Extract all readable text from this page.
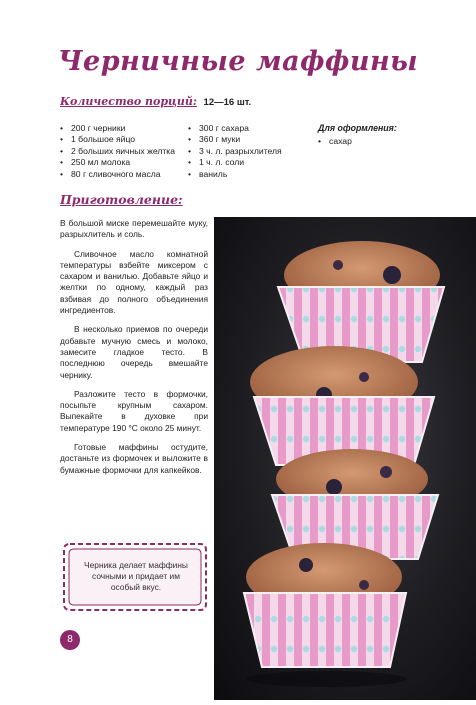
Черничные маффины
Количество порций: 12—16 шт.
• 200 г черники
• 1 большое яйцо
• 2 больших яичных желтка
• 250 мл молока
• 80 г сливочного масла
• 300 г сахара
• 360 г муки
• 3 ч. л. разрыхлителя
• 1 ч. л. соли
• ваниль
Для оформления:
• сахар
Приготовление:

В большой миске перемешайте муку, разрыхлитель и соль.

Сливочное масло комнатной температуры взбейте миксером с сахаром и ванилью. Добавьте яйцо и желтки по одному, каждый раз взбивая до полного объединения ингредиентов.

В несколько приемов по очереди добавьте мучную смесь и молоко, замесите гладкое тесто. В последнюю очередь вмешайте чернику.

Разложите тесто в формочки, посыпьте крупным сахаром. Выпекайте в духовке при температуре 190 °С около 25 минут.

Готовые маффины остудите, достаньте из формочек и выложите в бумажные формочки для капкейков.

Черника делает маффины сочными и придает им особый вкус.
8
